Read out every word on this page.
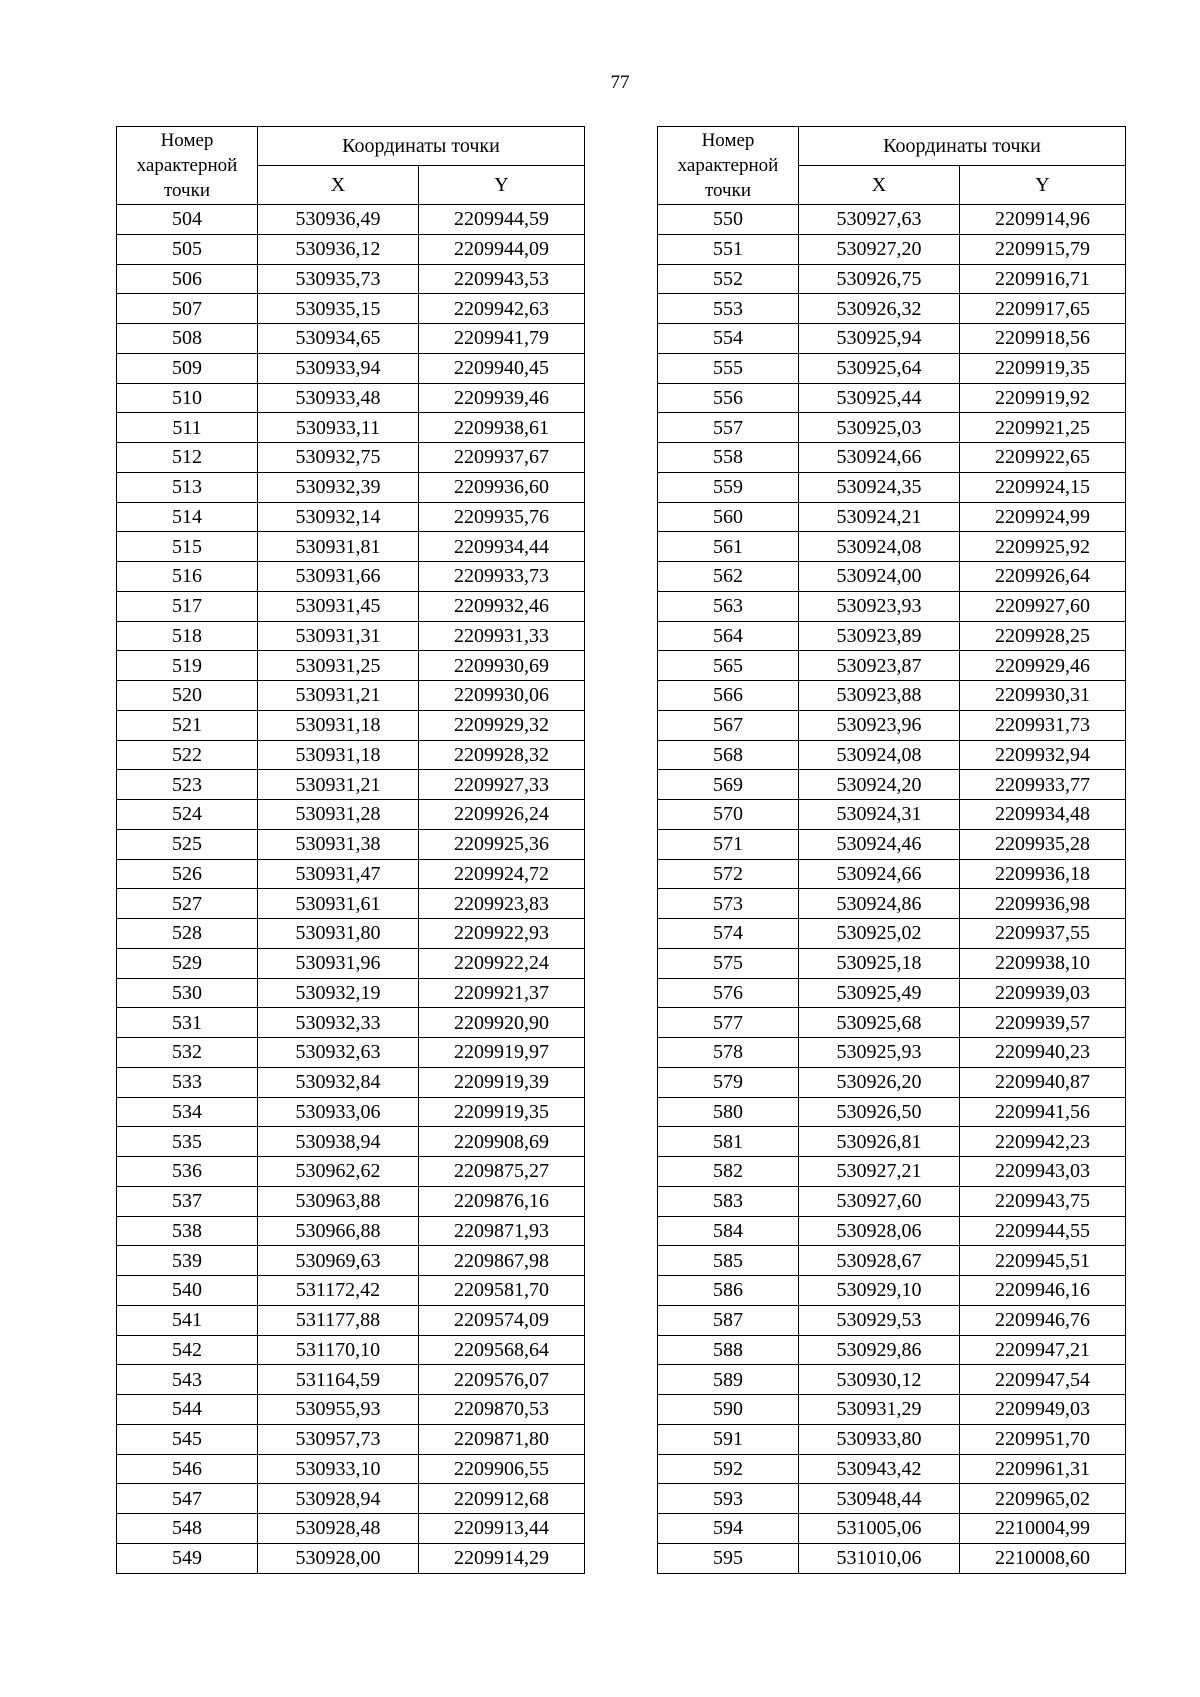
77
Номер характерной точки	Координаты точки	
	X	Y
504	530936,49	2209944,59
505	530936,12	2209944,09
506	530935,73	2209943,53
507	530935,15	2209942,63
508	530934,65	2209941,79
509	530933,94	2209940,45
510	530933,48	2209939,46
511	530933,11	2209938,61
512	530932,75	2209937,67
513	530932,39	2209936,60
514	530932,14	2209935,76
515	530931,81	2209934,44
516	530931,66	2209933,73
517	530931,45	2209932,46
518	530931,31	2209931,33
519	530931,25	2209930,69
520	530931,21	2209930,06
521	530931,18	2209929,32
522	530931,18	2209928,32
523	530931,21	2209927,33
524	530931,28	2209926,24
525	530931,38	2209925,36
526	530931,47	2209924,72
527	530931,61	2209923,83
528	530931,80	2209922,93
529	530931,96	2209922,24
530	530932,19	2209921,37
531	530932,33	2209920,90
532	530932,63	2209919,97
533	530932,84	2209919,39
534	530933,06	2209919,35
535	530938,94	2209908,69
536	530962,62	2209875,27
537	530963,88	2209876,16
538	530966,88	2209871,93
539	530969,63	2209867,98
540	531172,42	2209581,70
541	531177,88	2209574,09
542	531170,10	2209568,64
543	531164,59	2209576,07
544	530955,93	2209870,53
545	530957,73	2209871,80
546	530933,10	2209906,55
547	530928,94	2209912,68
548	530928,48	2209913,44
549	530928,00	2209914,29
Номер характерной точки	Координаты точки	
	X	Y
550	530927,63	2209914,96
551	530927,20	2209915,79
552	530926,75	2209916,71
553	530926,32	2209917,65
554	530925,94	2209918,56
555	530925,64	2209919,35
556	530925,44	2209919,92
557	530925,03	2209921,25
558	530924,66	2209922,65
559	530924,35	2209924,15
560	530924,21	2209924,99
561	530924,08	2209925,92
562	530924,00	2209926,64
563	530923,93	2209927,60
564	530923,89	2209928,25
565	530923,87	2209929,46
566	530923,88	2209930,31
567	530923,96	2209931,73
568	530924,08	2209932,94
569	530924,20	2209933,77
570	530924,31	2209934,48
571	530924,46	2209935,28
572	530924,66	2209936,18
573	530924,86	2209936,98
574	530925,02	2209937,55
575	530925,18	2209938,10
576	530925,49	2209939,03
577	530925,68	2209939,57
578	530925,93	2209940,23
579	530926,20	2209940,87
580	530926,50	2209941,56
581	530926,81	2209942,23
582	530927,21	2209943,03
583	530927,60	2209943,75
584	530928,06	2209944,55
585	530928,67	2209945,51
586	530929,10	2209946,16
587	530929,53	2209946,76
588	530929,86	2209947,21
589	530930,12	2209947,54
590	530931,29	2209949,03
591	530933,80	2209951,70
592	530943,42	2209961,31
593	530948,44	2209965,02
594	531005,06	2210004,99
595	531010,06	2210008,60
